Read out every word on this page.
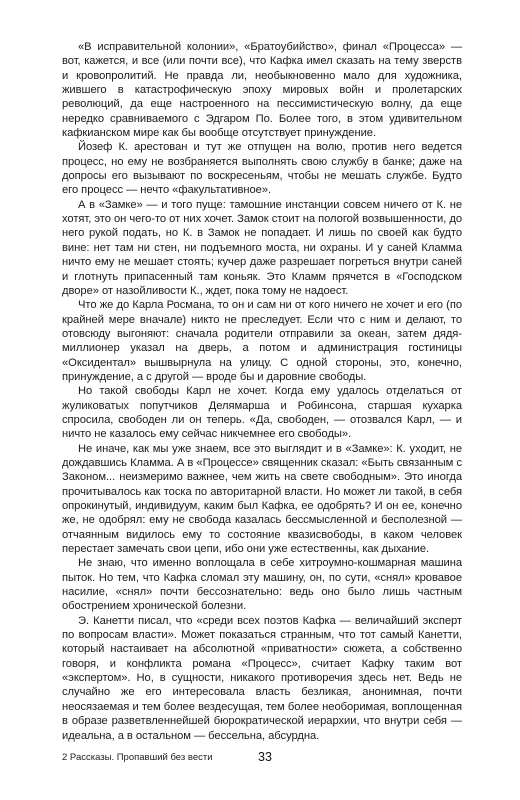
«В исправительной колонии», «Братоубийство», финал «Процесса» — вот, кажется, и все (или почти все), что Кафка имел сказать на тему зверств и кровопролитий. Не правда ли, необыкновенно мало для художника, жившего в катастрофическую эпоху мировых войн и пролетарских революций, да еще настроенного на пессимистическую волну, да еще нередко сравниваемого с Эдгаром По. Более того, в этом удивительном кафкианском мире как бы вообще отсутствует принуждение.

Йозеф К. арестован и тут же отпущен на волю, против него ведется процесс, но ему не возбраняется выполнять свою службу в банке; даже на допросы его вызывают по воскресеньям, чтобы не мешать службе. Будто его процесс — нечто «факультативное».

А в «Замке» — и того пуще: тамошние инстанции совсем ничего от К. не хотят, это он чего-то от них хочет. Замок стоит на пологой возвышенности, до него рукой подать, но К. в Замок не попадает. И лишь по своей как будто вине: нет там ни стен, ни подъемного моста, ни охраны. И у саней Кламма ничто ему не мешает стоять; кучер даже разрешает погреться внутри саней и глотнуть припасенный там коньяк. Это Кламм прячется в «Господском дворе» от назойливости К., ждет, пока тому не надоест.

Что же до Карла Росмана, то он и сам ни от кого ничего не хочет и его (по крайней мере вначале) никто не преследует. Если что с ним и делают, то отовсюду выгоняют: сначала родители отправили за океан, затем дядя-миллионер указал на дверь, а потом и администрация гостиницы «Оксидентал» вышвырнула на улицу. С одной стороны, это, конечно, принуждение, а с другой — вроде бы и даровние свободы.

Но такой свободы Карл не хочет. Когда ему удалось отделаться от жуликоватых попутчиков Делямарша и Робинсона, старшая кухарка спросила, свободен ли он теперь. «Да, свободен, — отозвался Карл, — и ничто не казалось ему сейчас никчемнее его свободы».

Не иначе, как мы уже знаем, все это выглядит и в «Замке»: К. уходит, не дождавшись Кламма. А в «Процессе» священник сказал: «Быть связанным с Законом... неизмеримо важнее, чем жить на свете свободным». Это иногда прочитывалось как тоска по авторитарной власти. Но может ли такой, в себя опрокинутый, индивидуум, каким был Кафка, ее одобрять? И он ее, конечно же, не одобрял: ему не свобода казалась бессмысленной и бесполезной — отчаянным видилось ему то состояние квазисвободы, в каком человек перестает замечать свои цепи, ибо они уже естественны, как дыхание.

Не знаю, что именно воплощала в себе хитроумно-кошмарная машина пыток. Но тем, что Кафка сломал эту машину, он, по сути, «снял» кровавое насилие, «снял» почти бессознательно: ведь оно было лишь частным обострением хронической болезни.

Э. Канетти писал, что «среди всех поэтов Кафка — величайший эксперт по вопросам власти». Может показаться странным, что тот самый Канетти, который настаивает на абсолютной «приватности» сюжета, а собственно говоря, и конфликта романа «Процесс», считает Кафку таким вот «экспертом». Но, в сущности, никакого противоречия здесь нет. Ведь не случайно же его интересовала власть безликая, анонимная, почти неосязаемая и тем более вездесущая, тем более необоримая, воплощенная в образе разветвленнейшей бюрократической иерархии, что внутри себя — идеальна, а в остальном — бессельна, абсурдна.

2 Рассказы. Пропавший без вести	33
